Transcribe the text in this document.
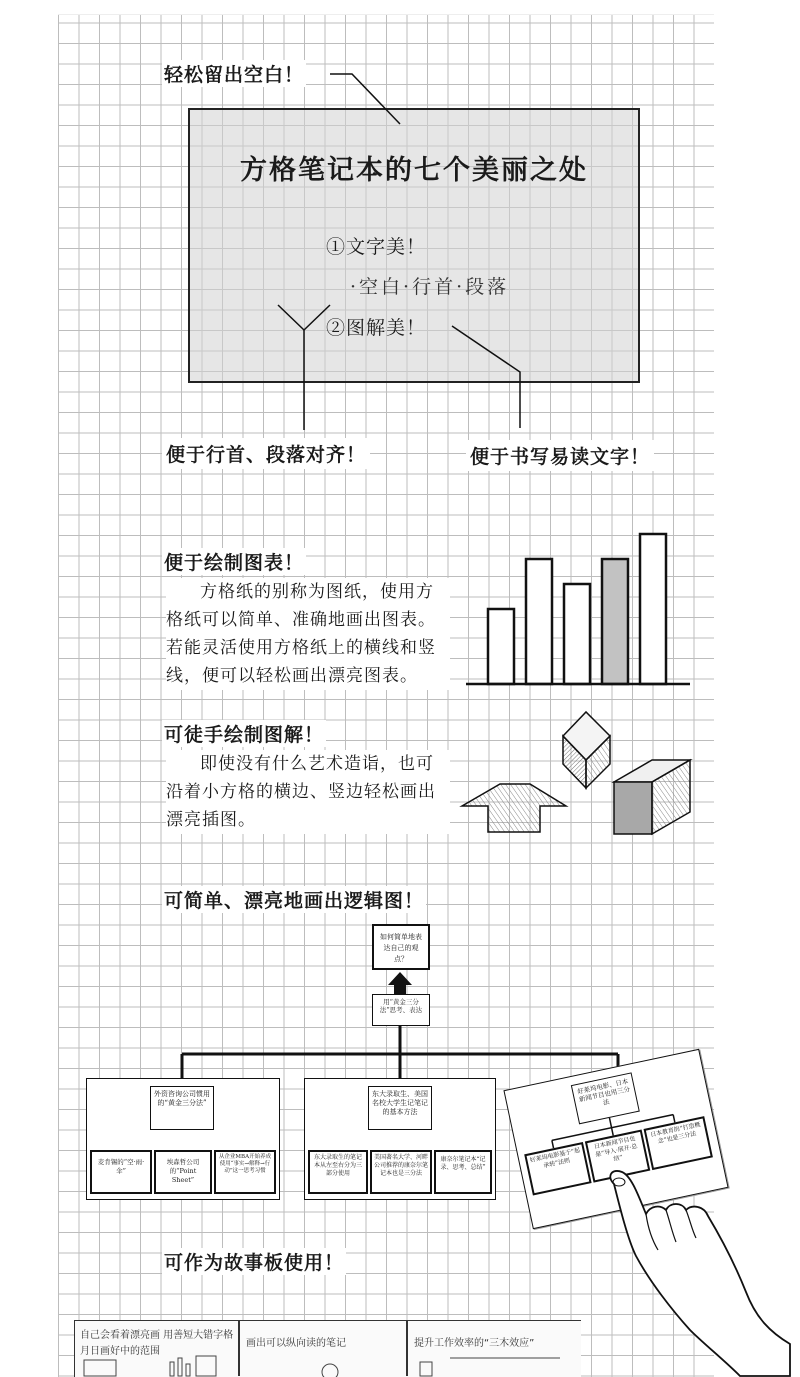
轻松留出空白！
方格笔记本的七个美丽之处
①文字美！
·空白·行首·段落
②图解美！
便于行首、段落对齐！	便于书写易读文字！
便于绘制图表！
方格纸的别称为图纸，使用方格纸可以简单、准确地画出图表。若能灵活使用方格纸上的横线和竖线，便可以轻松画出漂亮图表。
可徒手绘制图解！
即使没有什么艺术造诣，也可沿着小方格的横边、竖边轻松画出漂亮插图。
可简单、漂亮地画出逻辑图！
如何简单地表达自己的观点？
用“黄金三分法”思考、表达
外资咨询公司惯用的“黄金三分法”
麦肯锡的“空·雨·伞”
埃森哲公司的“Point Sheet”
从企业MBA开始养成使用“事实→解释→行动”这一思考习惯
东大录取生、美国名校大学生记笔记的基本方法
东大录取生的笔记本从左至右分为三部分使用
美国著名大学、河畔公司推荐的康奈尔笔记本也是三分法
康奈尔笔记本“记录、思考、总结”
好莱坞电影、日本新闻节目也用三分法
好莱坞电影基于“起承转”法则
日本新闻节目也是“导入·展开·总结”
日本教育的“打造概念”也是三分法
可作为故事板使用！
自己会看着漂亮画 用善短大错字格
月日画好中的范围
画出可以纵向读的笔记	提升工作效率的“三木效应”
